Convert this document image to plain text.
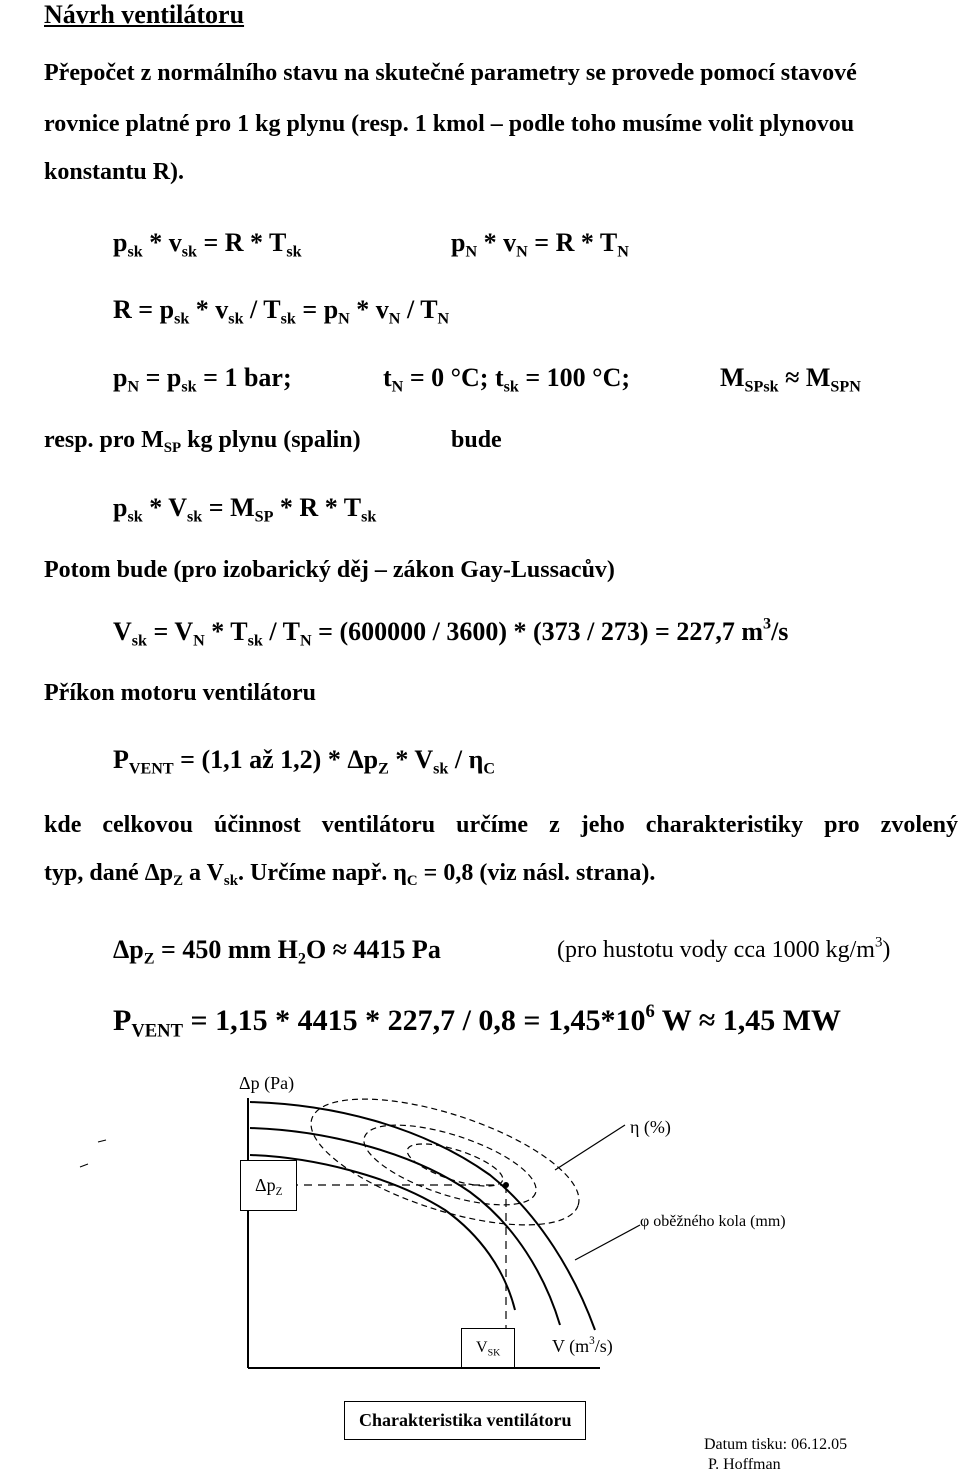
Návrh ventilátoru
Přepočet z normálního stavu na skutečné parametry se provede pomocí stavové
rovnice platné pro 1 kg plynu (resp. 1 kmol – podle toho musíme volit plynovou
konstantu R).
$p_{sk} * v_{sk} = R * T_{sk}$	$p_N * v_N = R * T_N$
$R = p_{sk} * v_{sk} / T_{sk} = p_N * v_N / T_N$
$p_N = p_{sk} = 1$ bar;	$t_N = 0$ °C; $t_{sk} = 100$ °C;	$M_{SPsk} \approx M_{SPN}$
resp. pro $M_{SP}$ kg plynu (spalin)	bude
$p_{sk} * V_{sk} = M_{SP} * R * T_{sk}$
Potom bude (pro izobarický děj – zákon Gay-Lussacův)
$V_{sk} = V_N * T_{sk} / T_N = (600000 / 3600) * (373 / 273) = 227,7$ $m^3/s$
Příkon motoru ventilátoru
$P_{VENT} = (1,1$ až $1,2) * \Delta p_Z * V_{sk} / \eta_C$
kde celkovou účinnost ventilátoru určíme z jeho charakteristiky pro zvolený
typ, dané $\Delta p_Z$ a $V_{sk}$. Určíme např. $\eta_C = 0,8$ (viz násl. strana).
$\Delta p_Z = 450$ mm $H_2O \approx 4415$ Pa	(pro hustotu vody cca 1000 $kg/m^3$)
$P_{VENT} = 1,15 * 4415 * 227,7 / 0,8 = 1,45*10^6$ W ≈ 1,45 MW
Δp (Pa)
η (%)
$\Delta p_Z$
φ oběžného kola (mm)
$V_{SK}$	V $(m^3/s)$
Charakteristika ventilátoru
Datum tisku: 06.12.05
P. Hoffman
